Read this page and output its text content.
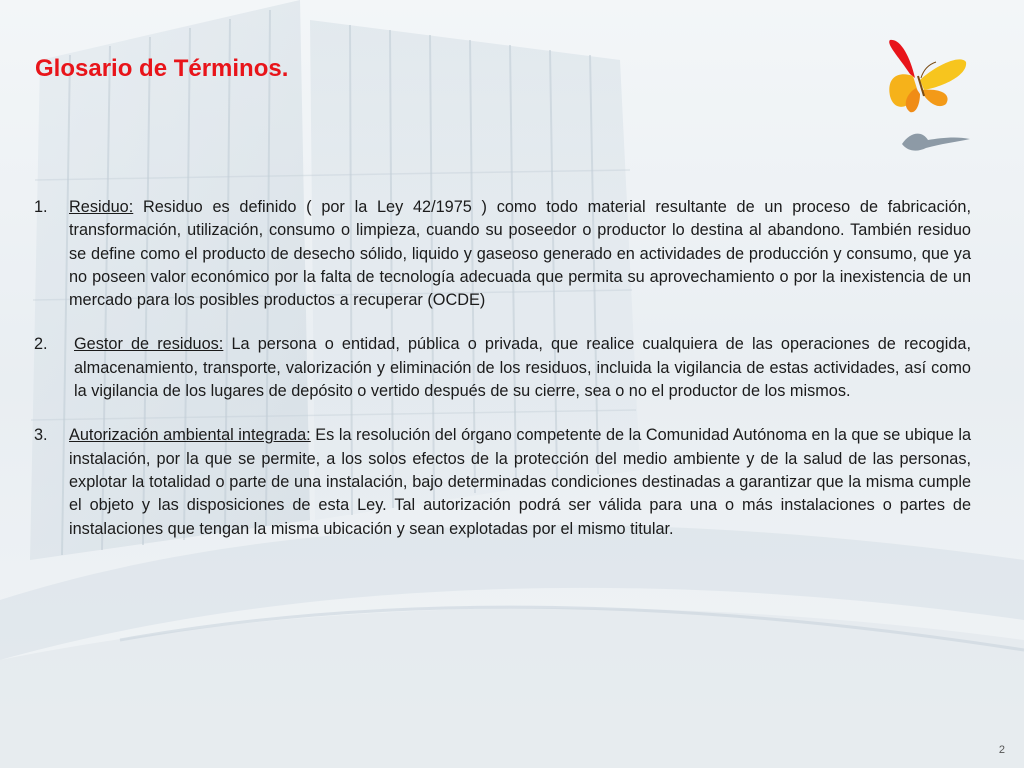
Glosario de Términos.
1. Residuo: Residuo es definido ( por la Ley 42/1975 ) como todo material resultante de un proceso de fabricación, transformación, utilización, consumo o limpieza, cuando su poseedor o productor lo destina al abandono. También residuo se define como el producto de desecho sólido, liquido y gaseoso generado en actividades de producción y consumo, que ya no poseen valor económico por la falta de tecnología adecuada que permita su aprovechamiento o por la inexistencia de un mercado para los posibles productos a recuperar (OCDE)
2. Gestor de residuos: La persona o entidad, pública o privada, que realice cualquiera de las operaciones de recogida, almacenamiento, transporte, valorización y eliminación de los residuos, incluida la vigilancia de estas actividades, así como la vigilancia de los lugares de depósito o vertido después de su cierre, sea o no el productor de los mismos.
3. Autorización ambiental integrada: Es la resolución del órgano competente de la Comunidad Autónoma en la que se ubique la instalación, por la que se permite, a los solos efectos de la protección del medio ambiente y de la salud de las personas, explotar la totalidad o parte de una instalación, bajo determinadas condiciones destinadas a garantizar que la misma cumple el objeto y las disposiciones de esta Ley. Tal autorización podrá ser válida para una o más instalaciones o partes de instalaciones que tengan la misma ubicación y sean explotadas por el mismo titular.
2
